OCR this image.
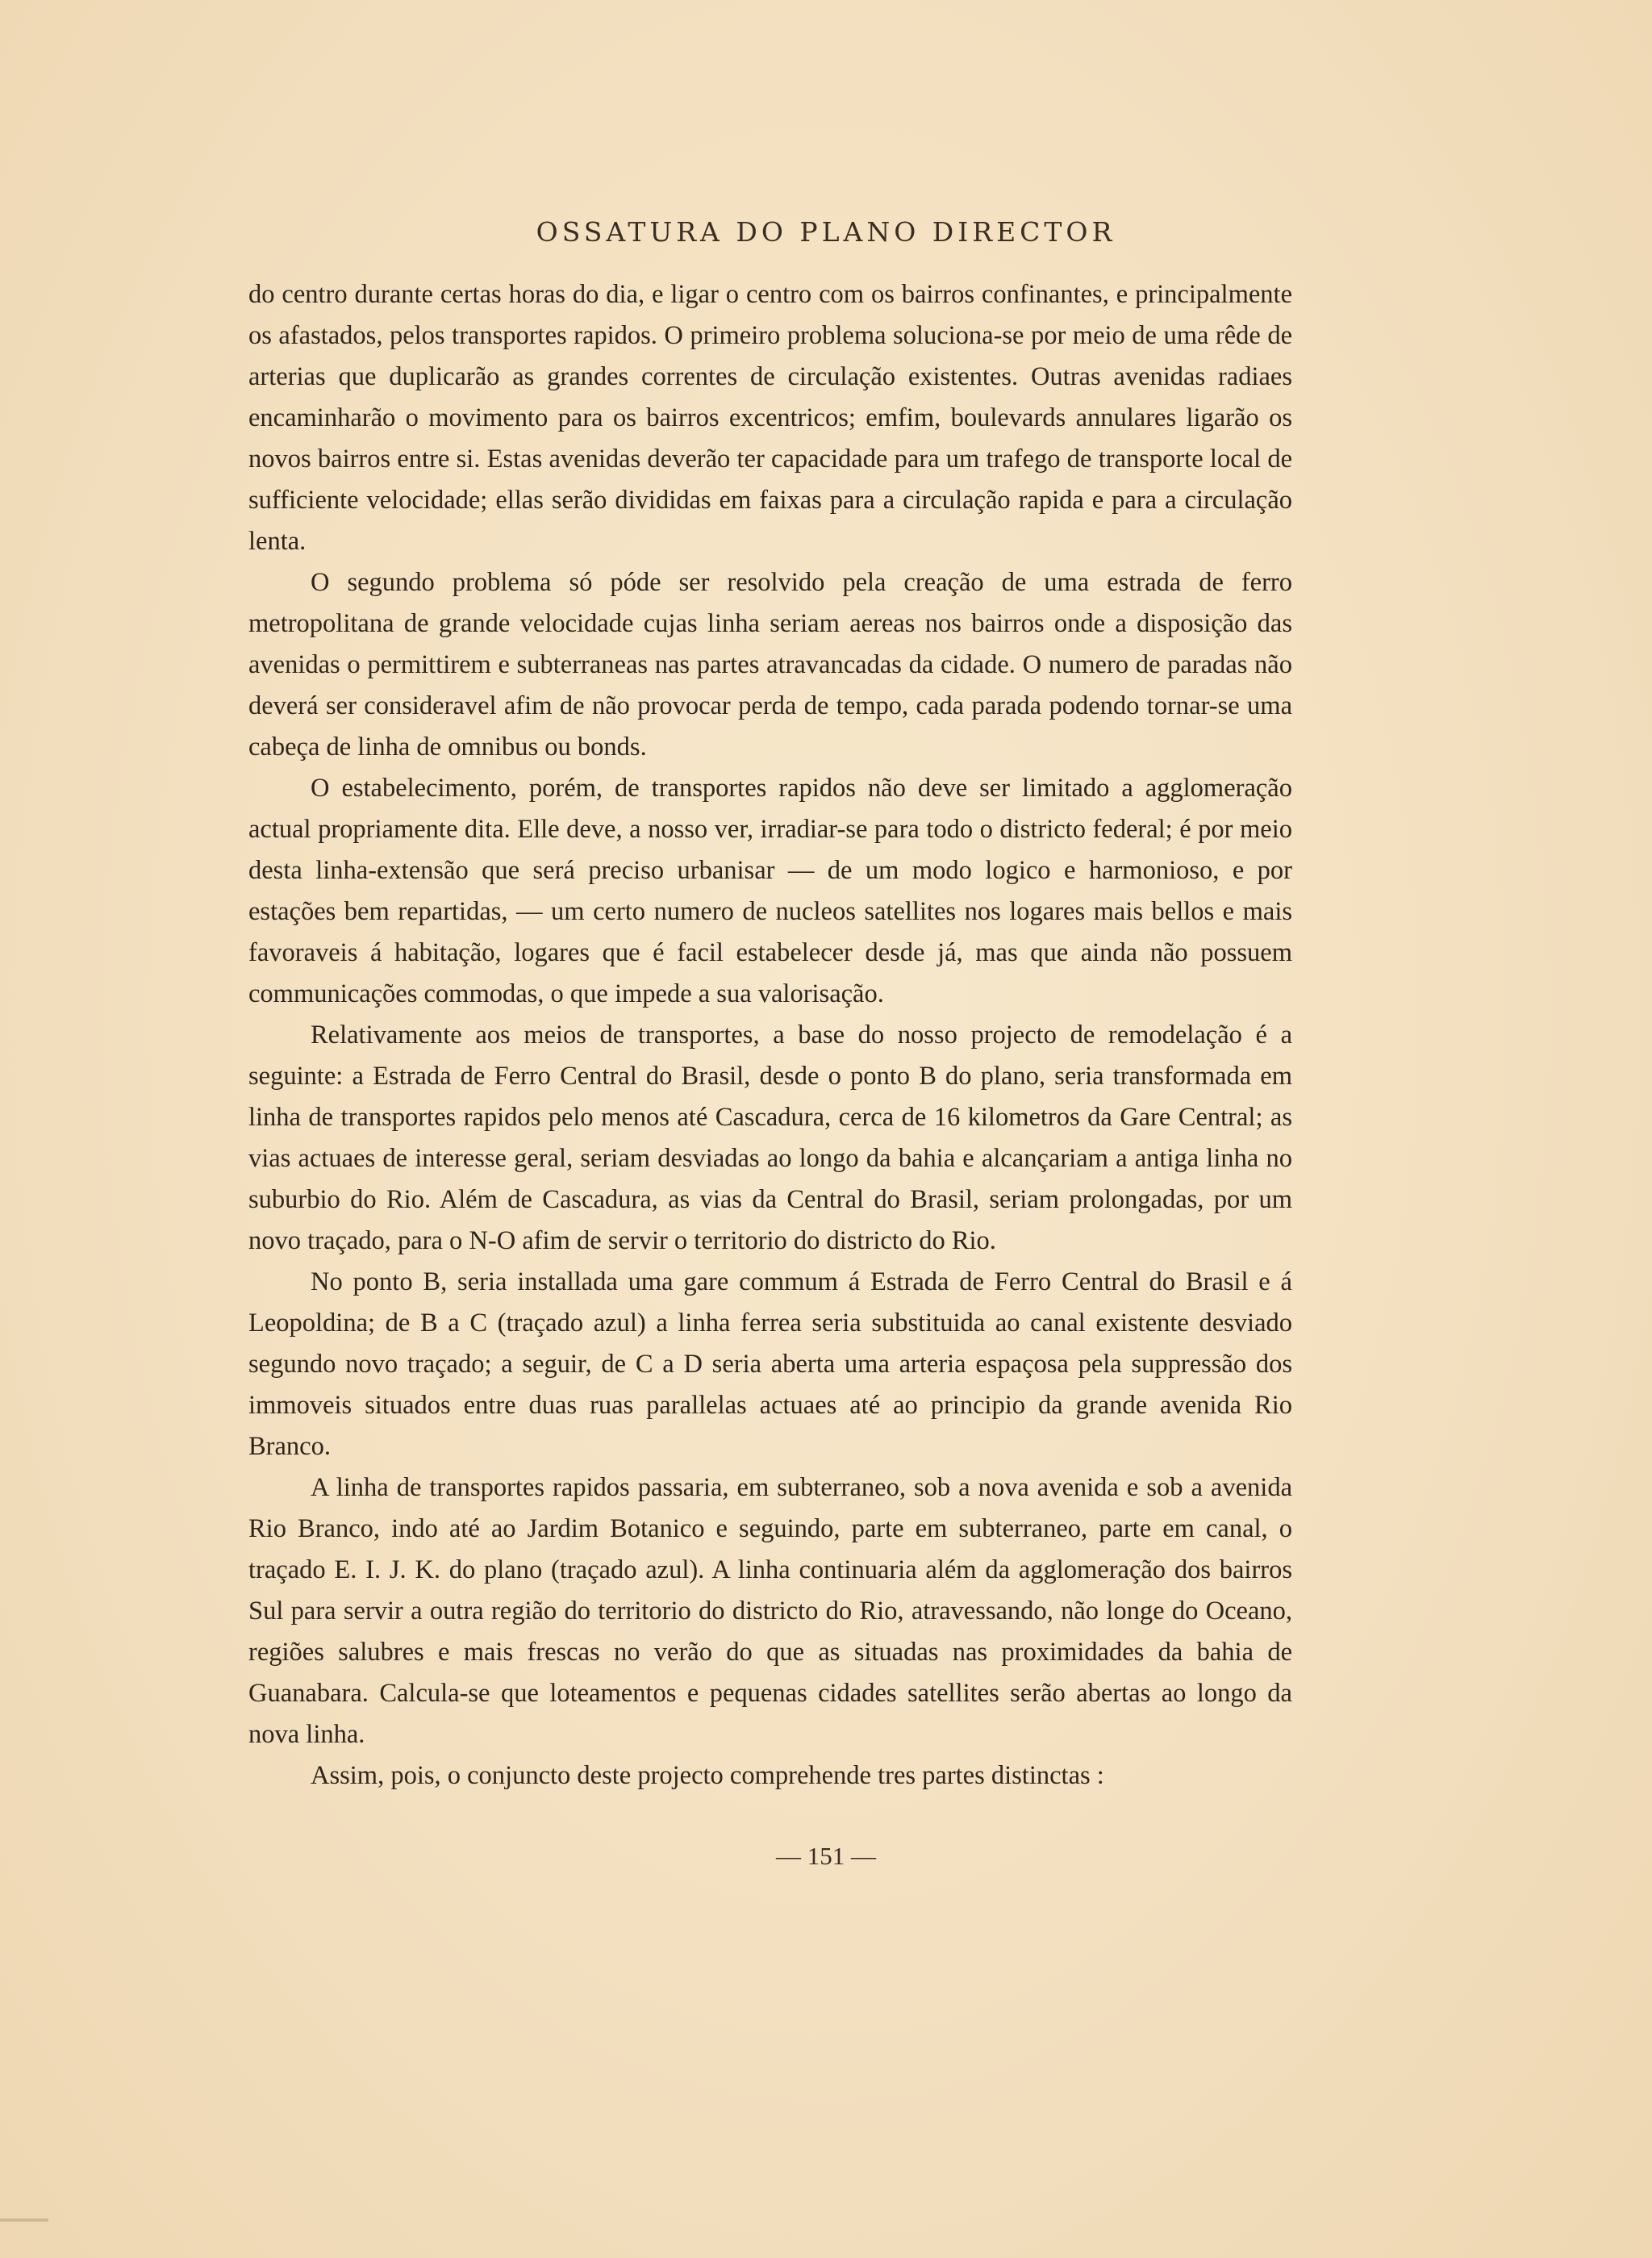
OSSATURA DO PLANO DIRECTOR

do centro durante certas horas do dia, e ligar o centro com os bairros confinantes, e principalmente os afastados, pelos transportes rapidos. O primeiro problema soluciona-se por meio de uma rêde de arterias que duplicarão as grandes correntes de circulação existentes. Outras avenidas radiaes encaminharão o movimento para os bairros excentricos; emfim, boulevards annulares ligarão os novos bairros entre si. Estas avenidas deverão ter capacidade para um trafego de transporte local de sufficiente velocidade; ellas serão divididas em faixas para a circulação rapida e para a circulação lenta.

O segundo problema só póde ser resolvido pela creação de uma estrada de ferro metropolitana de grande velocidade cujas linha seriam aereas nos bairros onde a disposição das avenidas o permittirem e subterraneas nas partes atravancadas da cidade. O numero de paradas não deverá ser consideravel afim de não provocar perda de tempo, cada parada podendo tornar-se uma cabeça de linha de omnibus ou bonds.

O estabelecimento, porém, de transportes rapidos não deve ser limitado a agglomeração actual propriamente dita. Elle deve, a nosso ver, irradiar-se para todo o districto federal; é por meio desta linha-extensão que será preciso urbanisar — de um modo logico e harmonioso, e por estações bem repartidas, — um certo numero de nucleos satellites nos logares mais bellos e mais favoraveis á habitação, logares que é facil estabelecer desde já, mas que ainda não possuem communicações commodas, o que impede a sua valorisação.

Relativamente aos meios de transportes, a base do nosso projecto de remodelação é a seguinte: a Estrada de Ferro Central do Brasil, desde o ponto B do plano, seria transformada em linha de transportes rapidos pelo menos até Cascadura, cerca de 16 kilometros da Gare Central; as vias actuaes de interesse geral, seriam desviadas ao longo da bahia e alcançariam a antiga linha no suburbio do Rio. Além de Cascadura, as vias da Central do Brasil, seriam prolongadas, por um novo traçado, para o N-O afim de servir o territorio do districto do Rio.

No ponto B, seria installada uma gare commum á Estrada de Ferro Central do Brasil e á Leopoldina; de B a C (traçado azul) a linha ferrea seria substituida ao canal existente desviado segundo novo traçado; a seguir, de C a D seria aberta uma arteria espaçosa pela suppressão dos immoveis situados entre duas ruas parallelas actuaes até ao principio da grande avenida Rio Branco.

A linha de transportes rapidos passaria, em subterraneo, sob a nova avenida e sob a avenida Rio Branco, indo até ao Jardim Botanico e seguindo, parte em subterraneo, parte em canal, o traçado E. I. J. K. do plano (traçado azul). A linha continuaria além da agglomeração dos bairros Sul para servir a outra região do territorio do districto do Rio, atravessando, não longe do Oceano, regiões salubres e mais frescas no verão do que as situadas nas proximidades da bahia de Guanabara. Calcula-se que loteamentos e pequenas cidades satellites serão abertas ao longo da nova linha.

Assim, pois, o conjuncto deste projecto comprehende tres partes distinctas :

— 151 —
